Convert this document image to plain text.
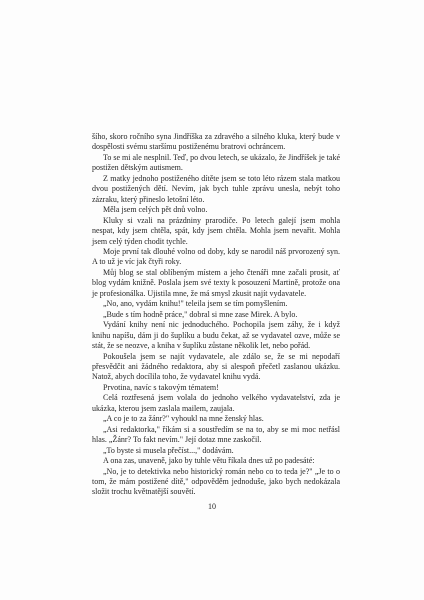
šího, skoro ročního syna Jindříška za zdravého a silného kluka, který bude v dospělosti svému staršímu postiženému bratrovi ochráncem.

To se mi ale nesplnil. Teď, po dvou letech, se ukázalo, že Jindříšek je také postižen dětským autismem.

Z matky jednoho postiženého dítěte jsem se toto léto rázem stala matkou dvou postižených dětí. Nevím, jak bych tuhle zprávu unesla, nebýt toho zázraku, který přineslo letošní léto.

Měla jsem celých pět dnů volno.

Kluky si vzali na prázdniny prarodiče. Po letech galejí jsem mohla nespat, kdy jsem chtěla, spát, kdy jsem chtěla. Mohla jsem nevařit. Mohla jsem celý týden chodit tychle.

Moje první tak dlouhé volno od doby, kdy se narodil náš prvorozený syn. A to už je víc jak čtyři roky.

Můj blog se stal oblíbeným místem a jeho čtenáři mne začali prosit, ať blog vydám knižně. Poslala jsem své texty k posouzení Martině, protože ona je profesionálka. Ujistila mne, že má smysl zkusit najít vydavatele.

„No, ano, vydám knihu!" teleila jsem se tím pomyšlením.

„Bude s tím hodně práce," dobral si mne zase Mirek. A bylo.

Vydání knihy není nic jednoduchého. Pochopila jsem záhy, že i když knihu napíšu, dám ji do šuplíku a budu čekat, až se vydavatel ozve, může se stát, že se neozve, a kniha v šuplíku zůstane několik let, nebo pořád.

Pokoušela jsem se najít vydavatele, ale zdálo se, že se mi nepodaří přesvědčit ani žádného redaktora, aby si alespoň přečetl zaslanou ukázku. Natož, abych docílila toho, že vydavatel knihu vydá.

Prvotina, navíc s takovým tématem!

Celá roztřesená jsem volala do jednoho velkého vydavatelství, zda je ukázka, kterou jsem zaslala mailem, zaujala.

„A co je to za žánr?" vyhoukl na mne ženský hlas.

„Asi redaktorka," říkám si a soustředím se na to, aby se mi moc netřásl hlas. „Žánr? To fakt nevím." Její dotaz mne zaskočil.

„To byste si musela přečíst...," dodávám.

A ona zas, unaveně, jako by tuhle větu říkala dnes už po padesáté:

„No, je to detektivka nebo historický román nebo co to teda je?" „Je to o tom, že mám postižené dítě," odpověděm jednoduše, jako bych nedokázala složit trochu květnatější souvětí.

10
